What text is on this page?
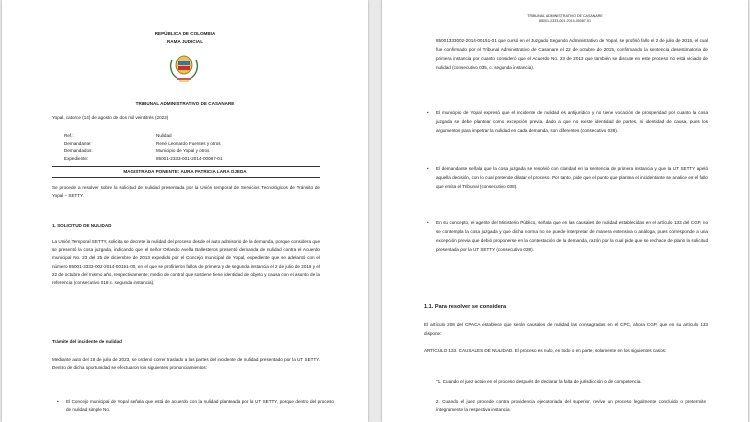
REPÚBLICA DE COLOMBIA
RAMA JUDICIAL
TRIBUNAL ADMINISTRATIVO DE CASANARE
Yopal, catorce (14) de agosto de dos mil veintitrés (2023)
Ref.:	Nulidad
Demandante:	René Leonardo Fuentes y otros
Demandados:	Municipio de Yopal y otros
Expediente:	85001-2333-001-2014-00087-01
MAGISTRADA PONENTE: AURA PATRICIA LARA OJEDA
Se procede a resolver sobre la solicitud de nulidad presentada por la Unión temporal de Servicios Tecnológicos de Tránsito de Yopal – SETTY.
1. SOLICITUD DE NULIDAD
La Unión Temporal SETTY, solicita se decrete la nulidad del proceso desde el auto admisorio de la demanda, porque considera que se presentó la cosa juzgada, indicando que el señor Orlando Avella Ballesteros presentó demanda de nulidad contra el Acuerdo municipal No. 23 del 25 de diciembre de 2013 expedido por el Concejo municipal de Yopal, expediente que se adelantó con el número 85001-3333-002-2014-00151-00, en el que se profirieron fallos de primera y de segunda instancia el 2 de julio de 2015 y el 22 de octubre del mismo año, respectivamente; medio de control que sostiene tiene identidad de objeto y causa con el asunto de la referencia (consecutivo 018.c. segunda instancia).
Trámite del incidente de nulidad
Mediante auto del 18 de julio de 2023, se ordenó correr traslado a las partes del incidente de nulidad presentado por la UT SETTY. Dentro de dicha oportunidad se efectuaron los siguientes pronunciamientos:
• El Concejo municipal de Yopal señala que está de acuerdo con la nulidad planteada por la UT SETTY, porque dentro del proceso de nulidad simple No.
TRIBUNAL ADMINISTRATIVO DE CASANARE
85001-2333-001-2014-00087-01
85001333002-2014-00151-01 que cursó en el Juzgado Segundo Administrativo de Yopal, se profirió fallo el 2 de julio de 2015, el cual fue confirmado por el Tribunal Administrativo de Casanare el 22 de octubre de 2015, confirmando la sentencia desestimatoria de primera instancia por cuanto consideró que el Acuerdo No. 23 de 2013 que también se discute en este proceso no está viciado de nulidad (consecutivo 035, c. segunda instancia).
• El municipio de Yopal expresó que el incidente de nulidad es antijurídico y no tiene vocación de prosperidad por cuanto la cosa juzgada se debe plantear como excepción previa, dado a que no existe identidad de partes, ni identidad de causa, pues los argumentos para impetrar la nulidad en cada demanda, son diferentes (consecutivo 036).
• El demandante señala que la cosa juzgada se resolvió con claridad en la sentencia de primera instancia y que la UT SETTY apeló aquella decisión, con lo cual pretende dilatar el proceso. Por tanto, pide que el punto que plantea el incidentante se analice en el fallo que emita el Tribunal (consecutivo 038).
• En su concepto, el agente del Ministerio Público, señala que en las causales de nulidad establecidas en el artículo 133 del CGP, no se contempla la cosa juzgada y que dicha norma no se puede interpretar de manera extensiva o análoga, pues corresponde a una excepción previa que debió proponerse en la contestación de la demanda, razón por la cual pide que se rechace de plano la solicitud presentada por la UT SETTY (consecutivo 039).
1.1. Para resolver se considera
El artículo 208 del CPACA establece que serán causales de nulidad las consagradas en el CPC, ahora CGP, que en su artículo 133 dispone:
ARTÍCULO 133. CAUSALES DE NULIDAD. El proceso es nulo, en todo o en parte, solamente en los siguientes casos:
"1. Cuando el juez actúe en el proceso después de declarar la falta de jurisdicción o de competencia.
2. Cuando el juez procede contra providencia ejecutoriada del superior, revive un proceso legalmente concluido o pretermite íntegramente la respectiva instancia.
